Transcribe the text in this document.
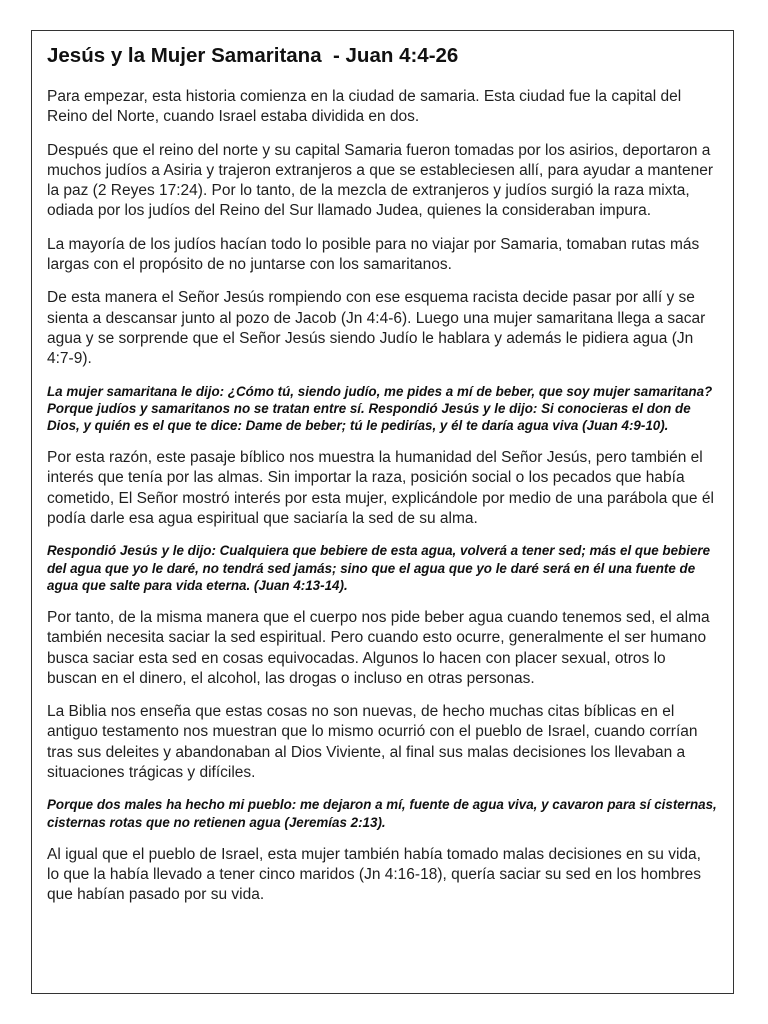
Jesús y la Mujer Samaritana  - Juan 4:4-26

Para empezar, esta historia comienza en la ciudad de samaria. Esta ciudad fue la capital del Reino del Norte, cuando Israel estaba dividida en dos.

Después que el reino del norte y su capital Samaria fueron tomadas por los asirios, deportaron a muchos judíos a Asiria y trajeron extranjeros a que se estableciesen allí, para ayudar a mantener la paz (2 Reyes 17:24). Por lo tanto, de la mezcla de extranjeros y judíos surgió la raza mixta, odiada por los judíos del Reino del Sur llamado Judea, quienes la consideraban impura.

La mayoría de los judíos hacían todo lo posible para no viajar por Samaria, tomaban rutas más largas con el propósito de no juntarse con los samaritanos.

De esta manera el Señor Jesús rompiendo con ese esquema racista decide pasar por allí y se sienta a descansar junto al pozo de Jacob (Jn 4:4-6). Luego una mujer samaritana llega a sacar agua y se sorprende que el Señor Jesús siendo Judío le hablara y además le pidiera agua (Jn 4:7-9).

La mujer samaritana le dijo: ¿Cómo tú, siendo judío, me pides a mí de beber, que soy mujer samaritana? Porque judíos y samaritanos no se tratan entre sí. Respondió Jesús y le dijo: Si conocieras el don de Dios, y quién es el que te dice: Dame de beber; tú le pedirías, y él te daría agua viva (Juan 4:9-10).

Por esta razón, este pasaje bíblico nos muestra la humanidad del Señor Jesús, pero también el interés que tenía por las almas. Sin importar la raza, posición social o los pecados que había cometido, El Señor mostró interés por esta mujer, explicándole por medio de una parábola que él podía darle esa agua espiritual que saciaría la sed de su alma.

Respondió Jesús y le dijo: Cualquiera que bebiere de esta agua, volverá a tener sed; más el que bebiere del agua que yo le daré, no tendrá sed jamás; sino que el agua que yo le daré será en él una fuente de agua que salte para vida eterna. (Juan 4:13-14).

Por tanto, de la misma manera que el cuerpo nos pide beber agua cuando tenemos sed, el alma también necesita saciar la sed espiritual. Pero cuando esto ocurre, generalmente el ser humano busca saciar esta sed en cosas equivocadas. Algunos lo hacen con placer sexual, otros lo buscan en el dinero, el alcohol, las drogas o incluso en otras personas.

La Biblia nos enseña que estas cosas no son nuevas, de hecho muchas citas bíblicas en el antiguo testamento nos muestran que lo mismo ocurrió con el pueblo de Israel, cuando corrían tras sus deleites y abandonaban al Dios Viviente, al final sus malas decisiones los llevaban a situaciones trágicas y difíciles.

Porque dos males ha hecho mi pueblo: me dejaron a mí, fuente de agua viva, y cavaron para sí cisternas, cisternas rotas que no retienen agua (Jeremías 2:13).

Al igual que el pueblo de Israel, esta mujer también había tomado malas decisiones en su vida, lo que la había llevado a tener cinco maridos (Jn 4:16-18), quería saciar su sed en los hombres que habían pasado por su vida.
